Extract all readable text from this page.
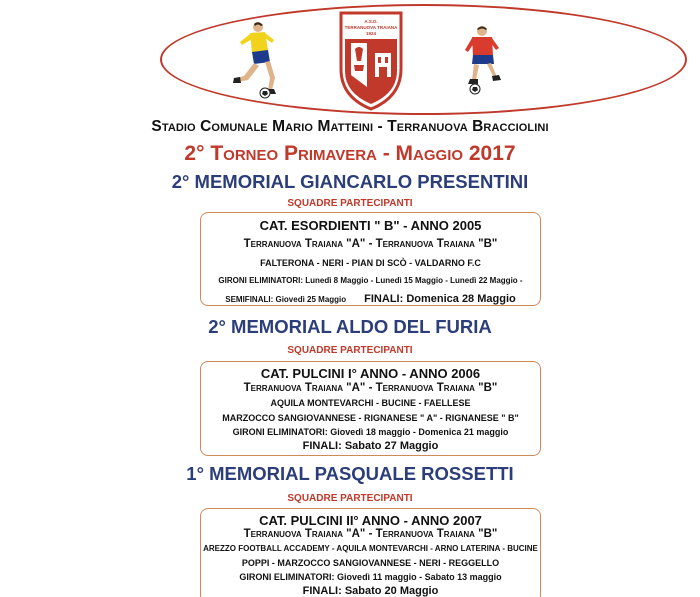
A.S.D.
TERRANUOVA TRAIANA
1924
Stadio Comunale Mario Matteini - Terranuova Bracciolini
2° Torneo Primavera - Maggio 2017
2° MEMORIAL GIANCARLO PRESENTINI
SQUADRE PARTECIPANTI
CAT. ESORDIENTI " B" - ANNO 2005
Terranuova Traiana "A" - Terranuova Traiana "B"
FALTERONA - NERI - PIAN DI SCÒ - VALDARNO F.C
GIRONI ELIMINATORI: Lunedì 8 Maggio - Lunedì 15 Maggio - Lunedì 22 Maggio -
SEMIFINALI: Giovedì 25 Maggio FINALI: Domenica 28 Maggio
2° MEMORIAL ALDO DEL FURIA
SQUADRE PARTECIPANTI
CAT. PULCINI I° ANNO - ANNO 2006
Terranuova Traiana "A" - Terranuova Traiana "B"
AQUILA MONTEVARCHI - BUCINE - FAELLESE
MARZOCCO SANGIOVANNESE - RIGNANESE " A" - RIGNANESE " B"
GIRONI ELIMINATORI: Giovedì 18 maggio - Domenica 21 maggio
FINALI: Sabato 27 Maggio
1° MEMORIAL PASQUALE ROSSETTI
SQUADRE PARTECIPANTI
CAT. PULCINI II° ANNO - ANNO 2007
Terranuova Traiana "A" - Terranuova Traiana "B"
AREZZO FOOTBALL ACCADEMY - AQUILA MONTEVARCHI - ARNO LATERINA - BUCINE
POPPI - MARZOCCO SANGIOVANNESE - NERI - REGGELLO
GIRONI ELIMINATORI: Giovedì 11 maggio - Sabato 13 maggio
FINALI: Sabato 20 Maggio
